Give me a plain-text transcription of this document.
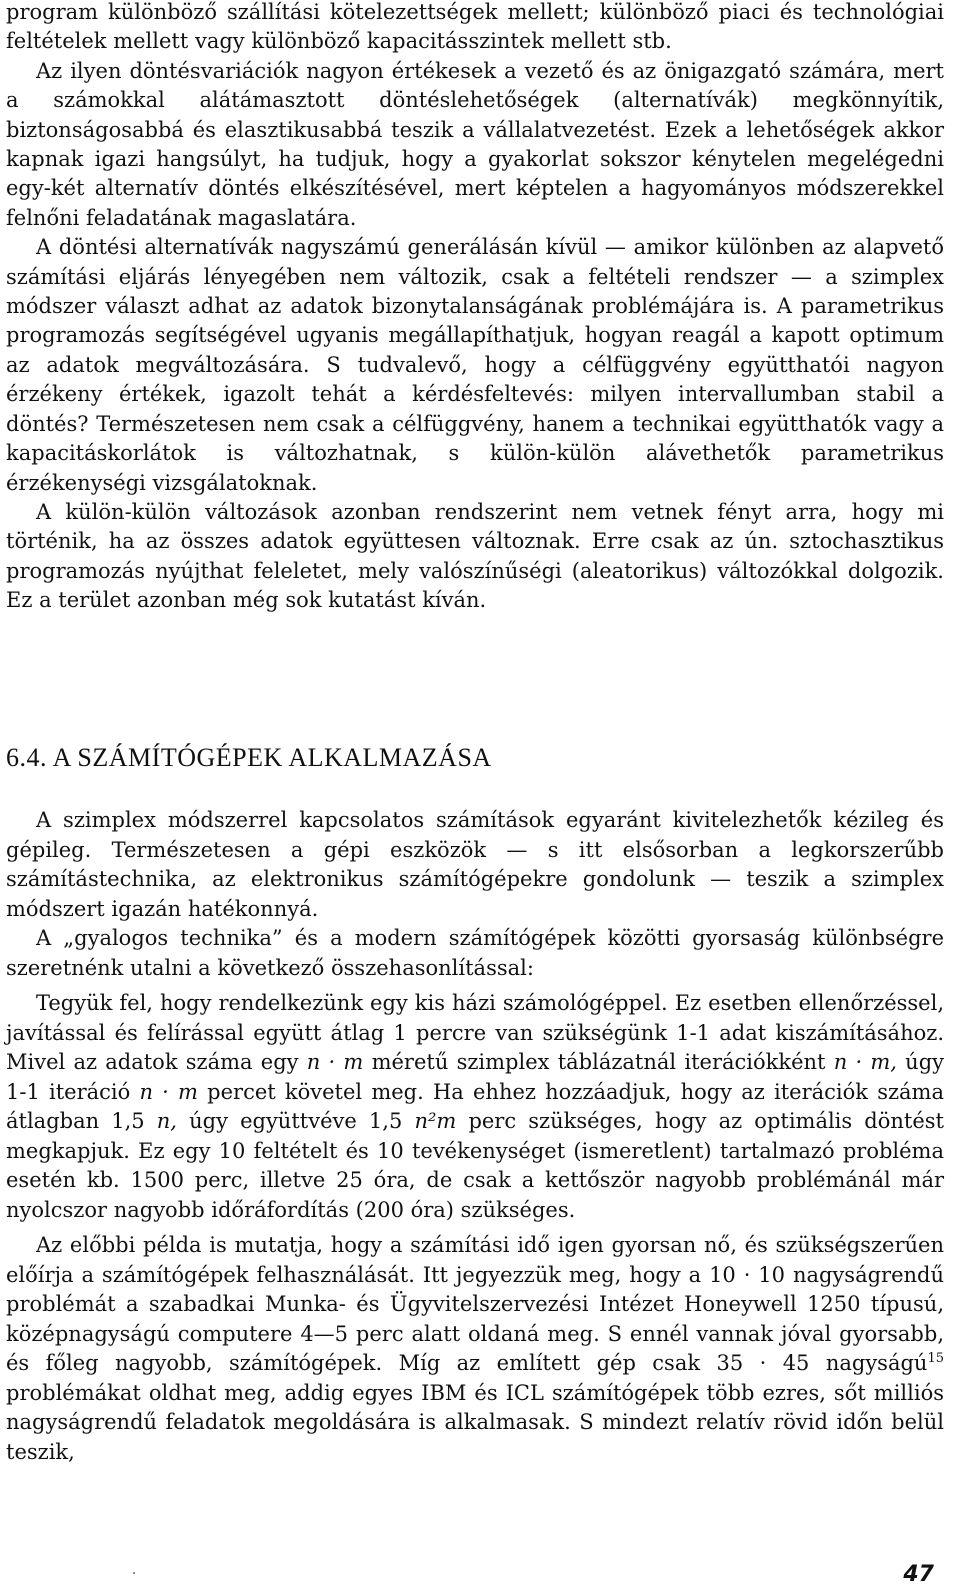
program különböző szállítási kötelezettségek mellett; különböző piaci és technológiai feltételek mellett vagy különböző kapacitásszintek mellett stb.

Az ilyen döntésvariációk nagyon értékesek a vezető és az önigazgató számára, mert a számokkal alátámasztott döntéslehetőségek (alternatívák) megkönnyítik, biztonságosabbá és elasztikusabbá teszik a vállalatvezetést. Ezek a lehetőségek akkor kapnak igazi hangsúlyt, ha tudjuk, hogy a gyakorlat sokszor kénytelen megelégedni egy-két alternatív döntés elkészítésével, mert képtelen a hagyományos módszerekkel felnőni feladatának magaslatára.

A döntési alternatívák nagyszámú generálásán kívül — amikor különben az alapvető számítási eljárás lényegében nem változik, csak a feltételi rendszer — a szimplex módszer választ adhat az adatok bizonytalanságának problémájára is. A parametrikus programozás segítségével ugyanis megállapíthatjuk, hogyan reagál a kapott optimum az adatok megváltozására. S tudvalevő, hogy a célfüggvény együtthatói nagyon érzékeny értékek, igazolt tehát a kérdésfeltevés: milyen intervallumban stabil a döntés? Természetesen nem csak a célfüggvény, hanem a technikai együtthatók vagy a kapacitáskorlátok is változhatnak, s külön-külön alávethetők parametrikus érzékenységi vizsgálatoknak.

A külön-külön változások azonban rendszerint nem vetnek fényt arra, hogy mi történik, ha az összes adatok együttesen változnak. Erre csak az ún. sztochasztikus programozás nyújthat feleletet, mely valószínűségi (aleatorikus) változókkal dolgozik. Ez a terület azonban még sok kutatást kíván.

6.4. A SZÁMÍTÓGÉPEK ALKALMAZÁSA

A szimplex módszerrel kapcsolatos számítások egyaránt kivitelezhetők kézileg és gépileg. Természetesen a gépi eszközök — s itt elsősorban a legkorszerűbb számítástechnika, az elektronikus számítógépekre gondolunk — teszik a szimplex módszert igazán hatékonnyá.

A „gyalogos technika” és a modern számítógépek közötti gyorsaság különbségre szeretnénk utalni a következő összehasonlítással:

Tegyük fel, hogy rendelkezünk egy kis házi számológéppel. Ez esetben ellenőrzéssel, javítással és felírással együtt átlag 1 percre van szükségünk 1-1 adat kiszámításához. Mivel az adatok száma egy n · m méretű szimplex táblázatnál iterációkként n · m, úgy 1-1 iteráció n · m percet követel meg. Ha ehhez hozzáadjuk, hogy az iterációk száma átlagban 1,5 n, úgy együttvéve 1,5 n²m perc szükséges, hogy az optimális döntést megkapjuk. Ez egy 10 feltételt és 10 tevékenységet (ismeretlent) tartalmazó probléma esetén kb. 1500 perc, illetve 25 óra, de csak a kettőször nagyobb problémánál már nyolcszor nagyobb időráfordítás (200 óra) szükséges.

Az előbbi példa is mutatja, hogy a számítási idő igen gyorsan nő, és szükségszerűen előírja a számítógépek felhasználását. Itt jegyezzük meg, hogy a 10 · 10 nagyságrendű problémát a szabadkai Munka- és Ügyvitelszervezési Intézet Honeywell 1250 típusú, középnagyságú computere 4—5 perc alatt oldaná meg. S ennél vannak jóval gyorsabb, és főleg nagyobb, számítógépek. Míg az említett gép csak 35 · 45 nagyságú$^{15}$ problémákat oldhat meg, addig egyes IBM és ICL számítógépek több ezres, sőt milliós nagyságrendű feladatok megoldására is alkalmasak. S mindezt relatív rövid időn belül teszik,

47
